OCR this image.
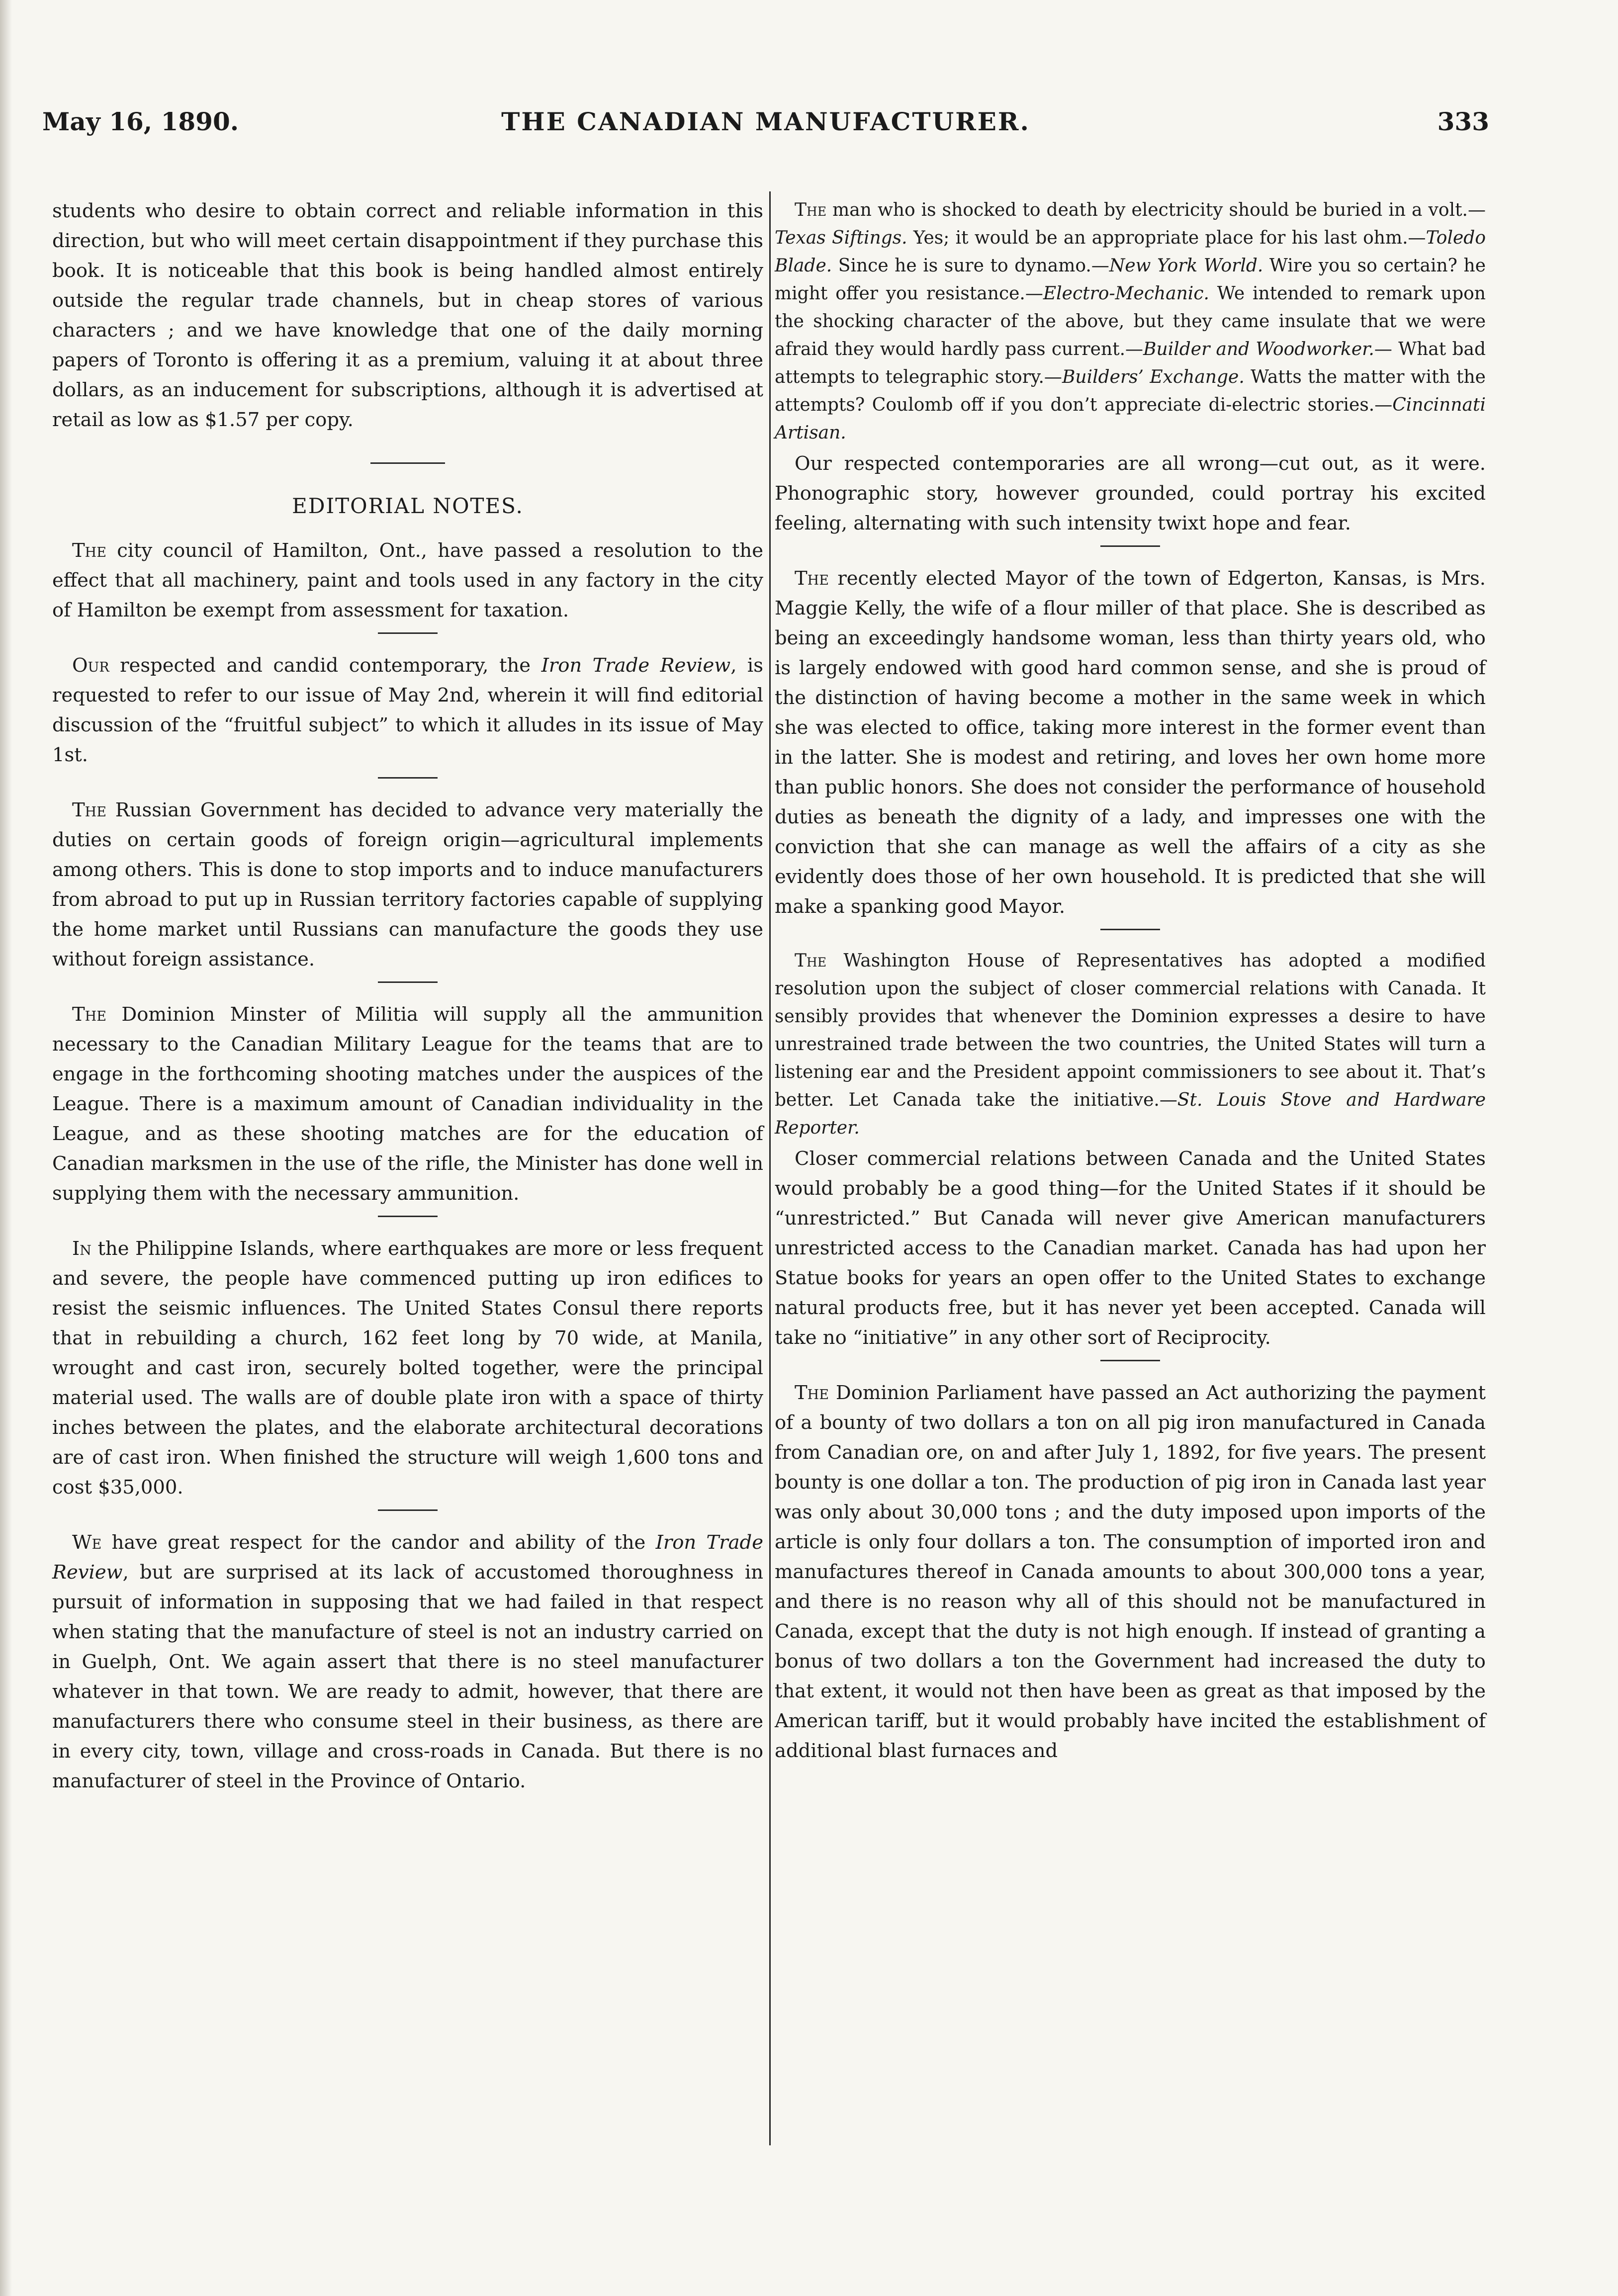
May 16, 1890.	THE CANADIAN MANUFACTURER.	333

students who desire to obtain correct and reliable information in this direction, but who will meet certain disappointment if they purchase this book. It is noticeable that this book is being handled almost entirely outside the regular trade channels, but in cheap stores of various characters ; and we have knowledge that one of the daily morning papers of Toronto is offering it as a premium, valuing it at about three dollars, as an inducement for subscriptions, although it is advertised at retail as low as $1.57 per copy.

EDITORIAL NOTES.

The city council of Hamilton, Ont., have passed a resolution to the effect that all machinery, paint and tools used in any factory in the city of Hamilton be exempt from assessment for taxation.

Our respected and candid contemporary, the Iron Trade Review, is requested to refer to our issue of May 2nd, wherein it will find editorial discussion of the “fruitful subject” to which it alludes in its issue of May 1st.

The Russian Government has decided to advance very materially the duties on certain goods of foreign origin—agricultural implements among others. This is done to stop imports and to induce manufacturers from abroad to put up in Russian territory factories capable of supplying the home market until Russians can manufacture the goods they use without foreign assistance.

The Dominion Minster of Militia will supply all the ammunition necessary to the Canadian Military League for the teams that are to engage in the forthcoming shooting matches under the auspices of the League. There is a maximum amount of Canadian individuality in the League, and as these shooting matches are for the education of Canadian marksmen in the use of the rifle, the Minister has done well in supplying them with the necessary ammunition.

In the Philippine Islands, where earthquakes are more or less frequent and severe, the people have commenced putting up iron edifices to resist the seismic influences. The United States Consul there reports that in rebuilding a church, 162 feet long by 70 wide, at Manila, wrought and cast iron, securely bolted together, were the principal material used. The walls are of double plate iron with a space of thirty inches between the plates, and the elaborate architectural decorations are of cast iron. When finished the structure will weigh 1,600 tons and cost $35,000.

We have great respect for the candor and ability of the Iron Trade Review, but are surprised at its lack of accustomed thoroughness in pursuit of information in supposing that we had failed in that respect when stating that the manufacture of steel is not an industry carried on in Guelph, Ont. We again assert that there is no steel manufacturer whatever in that town. We are ready to admit, however, that there are manufacturers there who consume steel in their business, as there are in every city, town, village and cross-roads in Canada. But there is no manufacturer of steel in the Province of Ontario.

The man who is shocked to death by electricity should be buried in a volt.—Texas Siftings. Yes; it would be an appropriate place for his last ohm.—Toledo Blade. Since he is sure to dynamo.—New York World. Wire you so certain? he might offer you resistance.—Electro-Mechanic. We intended to remark upon the shocking character of the above, but they came insulate that we were afraid they would hardly pass current.—Builder and Woodworker.— What bad attempts to telegraphic story.—Builders’ Exchange. Watts the matter with the attempts? Coulomb off if you don’t appreciate di-electric stories.—Cincinnati Artisan.

Our respected contemporaries are all wrong—cut out, as it were. Phonographic story, however grounded, could portray his excited feeling, alternating with such intensity twixt hope and fear.

The recently elected Mayor of the town of Edgerton, Kansas, is Mrs. Maggie Kelly, the wife of a flour miller of that place. She is described as being an exceedingly handsome woman, less than thirty years old, who is largely endowed with good hard common sense, and she is proud of the distinction of having become a mother in the same week in which she was elected to office, taking more interest in the former event than in the latter. She is modest and retiring, and loves her own home more than public honors. She does not consider the performance of household duties as beneath the dignity of a lady, and impresses one with the conviction that she can manage as well the affairs of a city as she evidently does those of her own household. It is predicted that she will make a spanking good Mayor.

The Washington House of Representatives has adopted a modified resolution upon the subject of closer commercial relations with Canada. It sensibly provides that whenever the Dominion expresses a desire to have unrestrained trade between the two countries, the United States will turn a listening ear and the President appoint commissioners to see about it. That’s better. Let Canada take the initiative.—St. Louis Stove and Hardware Reporter.

Closer commercial relations between Canada and the United States would probably be a good thing—for the United States if it should be “unrestricted.” But Canada will never give American manufacturers unrestricted access to the Canadian market. Canada has had upon her Statue books for years an open offer to the United States to exchange natural products free, but it has never yet been accepted. Canada will take no “initiative” in any other sort of Reciprocity.

The Dominion Parliament have passed an Act authorizing the payment of a bounty of two dollars a ton on all pig iron manufactured in Canada from Canadian ore, on and after July 1, 1892, for five years. The present bounty is one dollar a ton. The production of pig iron in Canada last year was only about 30,000 tons ; and the duty imposed upon imports of the article is only four dollars a ton. The consumption of imported iron and manufactures thereof in Canada amounts to about 300,000 tons a year, and there is no reason why all of this should not be manufactured in Canada, except that the duty is not high enough. If instead of granting a bonus of two dollars a ton the Government had increased the duty to that extent, it would not then have been as great as that imposed by the American tariff, but it would probably have incited the establishment of additional blast furnaces and
